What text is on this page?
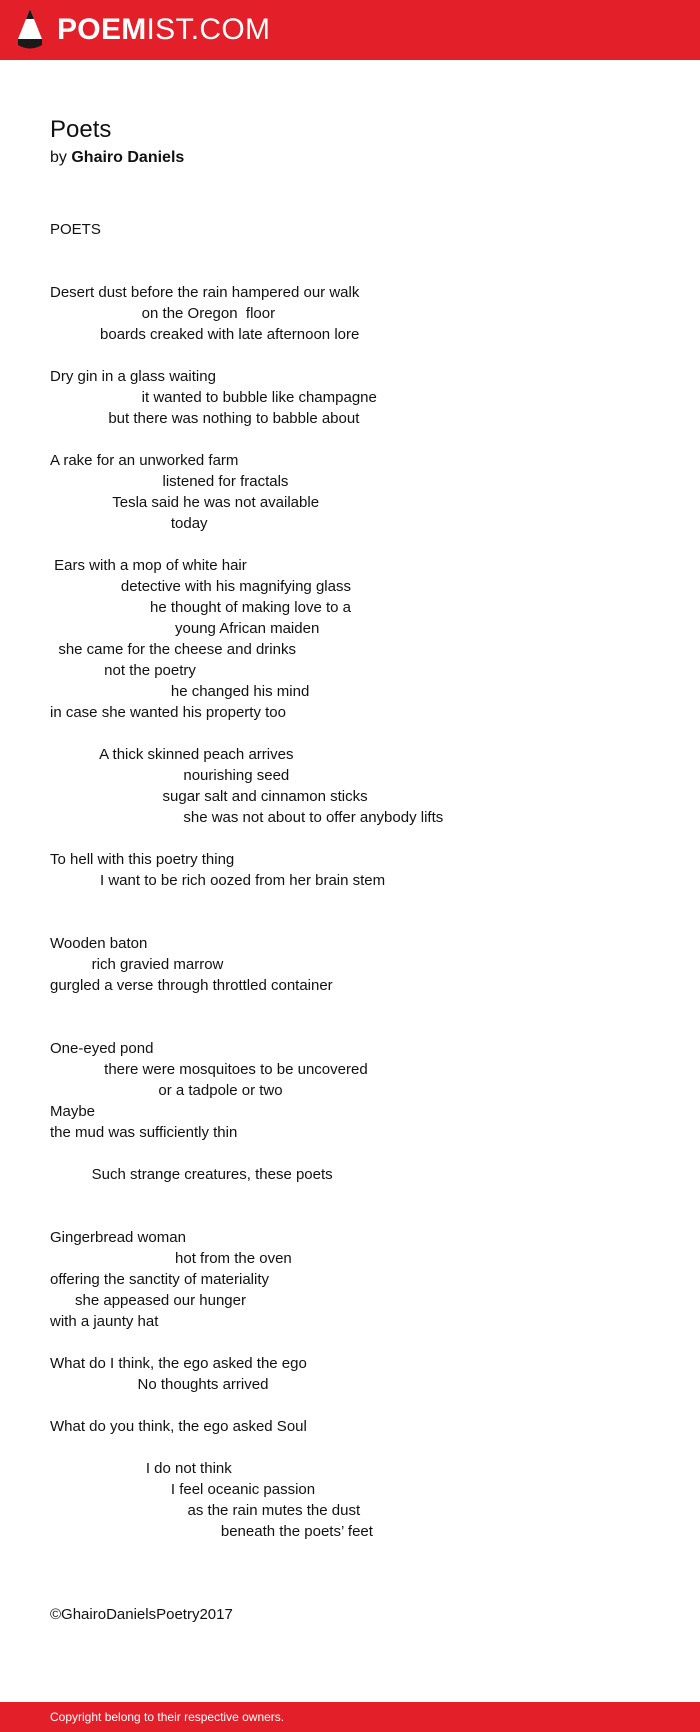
POEMIST.COM
Poets
by Ghairo Daniels
POETS
Desert dust before the rain hampered our walk
on the Oregon  floor
boards creaked with late afternoon lore
Dry gin in a glass waiting
it wanted to bubble like champagne
but there was nothing to babble about
A rake for an unworked farm
listened for fractals
Tesla said he was not available
today
Ears with a mop of white hair
detective with his magnifying glass
he thought of making love to a
young African maiden
she came for the cheese and drinks
not the poetry
he changed his mind
in case she wanted his property too
A thick skinned peach arrives
nourishing seed
sugar salt and cinnamon sticks
she was not about to offer anybody lifts
To hell with this poetry thing
I want to be rich oozed from her brain stem
Wooden baton
rich gravied marrow
gurgled a verse through throttled container
One-eyed pond
there were mosquitoes to be uncovered
or a tadpole or two
Maybe
the mud was sufficiently thin
Such strange creatures, these poets
Gingerbread woman
hot from the oven
offering the sanctity of materiality
she appeased our hunger
with a jaunty hat
What do I think, the ego asked the ego
No thoughts arrived
What do you think, the ego asked Soul
I do not think
I feel oceanic passion
as the rain mutes the dust
beneath the poets’ feet
©GhairoDanielsPoetry2017
Copyright belong to their respective owners.
